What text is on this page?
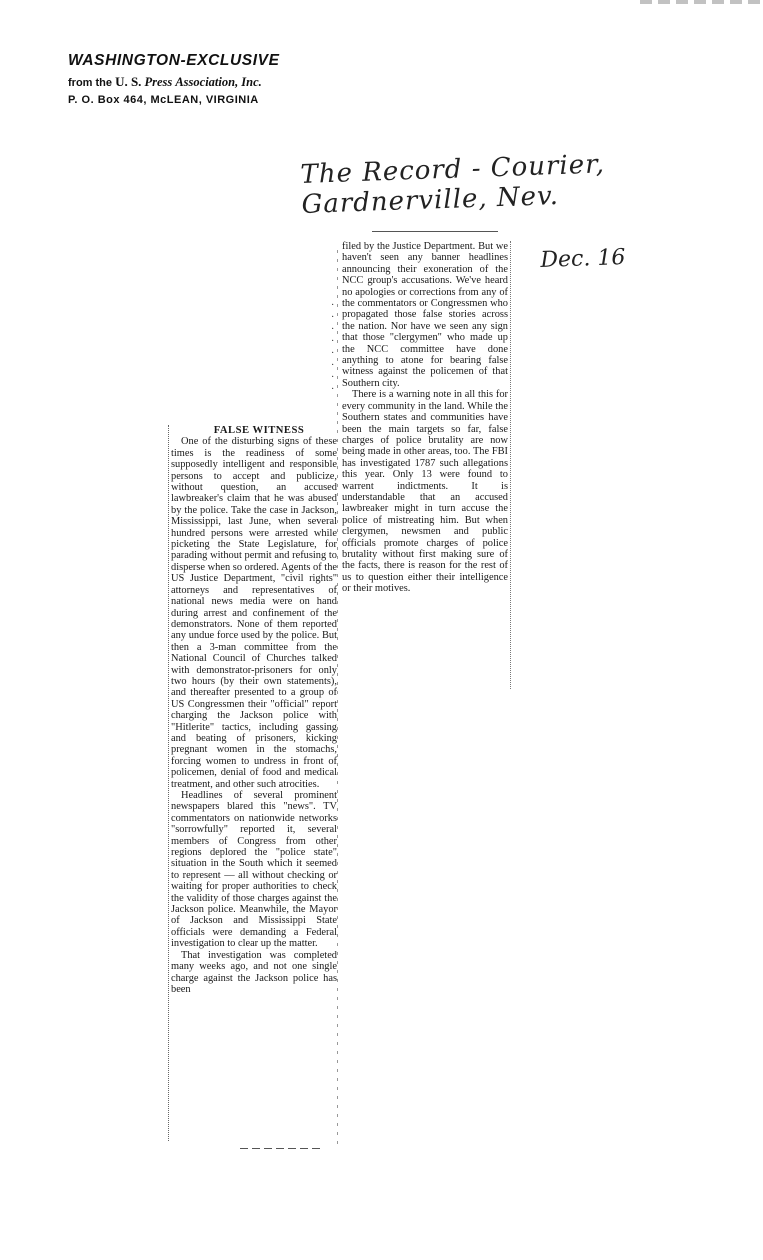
WASHINGTON-EXCLUSIVE
from the U. S. Press Association, Inc.
P. O. Box 464, McLEAN, VIRGINIA
The Record - Courier, Gardnerville, Nev.
Dec. 16
·
·
·
·
·
·
·
·

FALSE WITNESS

One of the disturbing signs of these times is the readiness of some supposedly intelligent and responsible persons to accept and publicize, without question, an accused lawbreaker's claim that he was abused by the police. Take the case in Jackson, Mississippi, last June, when several hundred persons were arrested while picketing the State Legislature, for parading without permit and refusing to disperse when so ordered. Agents of the US Justice Department, "civil rights" attorneys and representatives of national news media were on hand during arrest and confinement of the demonstrators. None of them reported any undue force used by the police. But then a 3-man committee from the National Council of Churches talked with demonstrator-prisoners for only two hours (by their own statements), and thereafter presented to a group of US Congressmen their "official" report charging the Jackson police with "Hitlerite" tactics, including gassing and beating of prisoners, kicking pregnant women in the stomachs, forcing women to undress in front of policemen, denial of food and medical treatment, and other such atrocities.

Headlines of several prominent newspapers blared this "news". TV commentators on nationwide networks "sorrowfully" reported it, several members of Congress from other regions deplored the "police state" situation in the South which it seemed to represent — all without checking or waiting for proper authorities to check the validity of those charges against the Jackson police. Meanwhile, the Mayor of Jackson and Mississippi State officials were demanding a Federal investigation to clear up the matter.

That investigation was completed many weeks ago, and not one single charge against the Jackson police has been

filed by the Justice Department. But we haven't seen any banner headlines announcing their exoneration of the NCC group's accusations. We've heard no apologies or corrections from any of the commentators or Congressmen who propagated those false stories across the nation. Nor have we seen any sign that those "clergymen" who made up the NCC committee have done anything to atone for bearing false witness against the policemen of that Southern city.

There is a warning note in all this for every community in the land. While the Southern states and communities have been the main targets so far, false charges of police brutality are now being made in other areas, too. The FBI has investigated 1787 such allegations this year. Only 13 were found to warrent indictments. It is understandable that an accused lawbreaker might in turn accuse the police of mistreating him. But when clergymen, newsmen and public officials promote charges of police brutality without first making sure of the facts, there is reason for the rest of us to question either their intelligence or their motives.
